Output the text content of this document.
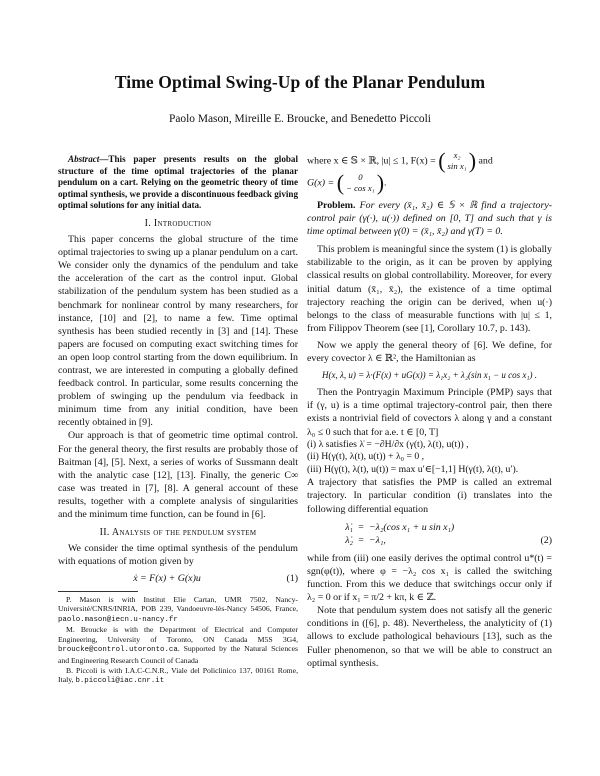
Time Optimal Swing-Up of the Planar Pendulum
Paolo Mason, Mireille E. Broucke, and Benedetto Piccoli

Abstract—This paper presents results on the global structure of the time optimal trajectories of the planar pendulum on a cart. Relying on the geometric theory of time optimal synthesis, we provide a discontinuous feedback giving optimal solutions for any initial data.

I. Introduction

This paper concerns the global structure of the time optimal trajectories to swing up a planar pendulum on a cart. We consider only the dynamics of the pendulum and take the acceleration of the cart as the control input. Global stabilization of the pendulum system has been studied as a benchmark for nonlinear control by many researchers, for instance, [10] and [2], to name a few. Time optimal synthesis has been studied recently in [3] and [14]. These papers are focused on computing exact switching times for an open loop control starting from the down equilibrium. In contrast, we are interested in computing a globally defined feedback control. In particular, some results concerning the problem of swinging up the pendulum via feedback in minimum time from any initial condition, have been recently obtained in [9].

Our approach is that of geometric time optimal control. For the general theory, the first results are probably those of Baitman [4], [5]. Next, a series of works of Sussmann dealt with the analytic case [12], [13]. Finally, the generic C∞ case was treated in [7], [8]. A general account of these results, together with a complete analysis of singularities and the minimum time function, can be found in [6].

II. Analysis of the pendulum system

We consider the time optimal synthesis of the pendulum with equations of motion given by

ẋ = F(x) + G(x)u	(1)

P. Mason is with Institut Elie Cartan, UMR 7502, Nancy-Université/CNRS/INRIA, POB 239, Vandoeuvre-lès-Nancy 54506, France, paolo.mason@iecn.u-nancy.fr

M. Broucke is with the Department of Electrical and Computer Engineering, University of Toronto, ON Canada M5S 3G4, broucke@control.utoronto.ca. Supported by the Natural Sciences and Engineering Research Council of Canada

B. Piccoli is with I.A.C-C.N.R., Viale del Policlinico 137, 00161 Rome, Italy, b.piccoli@iac.cnr.it

where x ∈ 𝕊 × ℝ, |u| ≤ 1, F(x) = ( x₂
sin x₁ ) and
G(x) = ( 0
− cos x₁ ) .

Problem. For every (x̄₁, x̄₂) ∈ 𝕊 × ℝ find a trajectory-control pair (γ(·), u(·)) defined on [0, T] and such that γ is time optimal between γ(0) = (x̄₁, x̄₂) and γ(T) = 0.

This problem is meaningful since the system (1) is globally stabilizable to the origin, as it can be proven by applying classical results on global controllability. Moreover, for every initial datum (x̄₁, x̄₂), the existence of a time optimal trajectory reaching the origin can be derived, when u(·) belongs to the class of measurable functions with |u| ≤ 1, from Filippov Theorem (see [1], Corollary 10.7, p. 143).

Now we apply the general theory of [6]. We define, for every covector λ ∈ ℝ², the Hamiltonian as

H(x, λ, u) = λ·(F(x) + uG(x)) = λ₁x₂ + λ₂(sin x₁ − u cos x₁) .

Then the Pontryagin Maximum Principle (PMP) says that if (γ, u) is a time optimal trajectory-control pair, then there exists a nontrivial field of covectors λ along γ and a constant λ₀ ≤ 0 such that for a.e. t ∈ [0, T]

(i) λ satisfies λ̇ = −∂H/∂x (γ(t), λ(t), u(t)) ,
(ii) H(γ(t), λ(t), u(t)) + λ₀ = 0 ,
(iii) H(γ(t), λ(t), u(t)) = max u′∈[−1,1] H(γ(t), λ(t), u′).

A trajectory that satisfies the PMP is called an extremal trajectory. In particular condition (i) translates into the following differential equation

λ̇₁ = −λ₂(cos x₁ + u sin x₁)
λ̇₂ = −λ₁,	(2)

while from (iii) one easily derives the optimal control u*(t) = sgn(φ(t)), where φ = −λ₂ cos x₁ is called the switching function. From this we deduce that switchings occur only if λ₂ = 0 or if x₁ = π/2 + kπ, k ∈ ℤ.

Note that pendulum system does not satisfy all the generic conditions in ([6], p. 48). Nevertheless, the analyticity of (1) allows to exclude pathological behaviours [13], such as the Fuller phenomenon, so that we will be able to construct an optimal synthesis.
